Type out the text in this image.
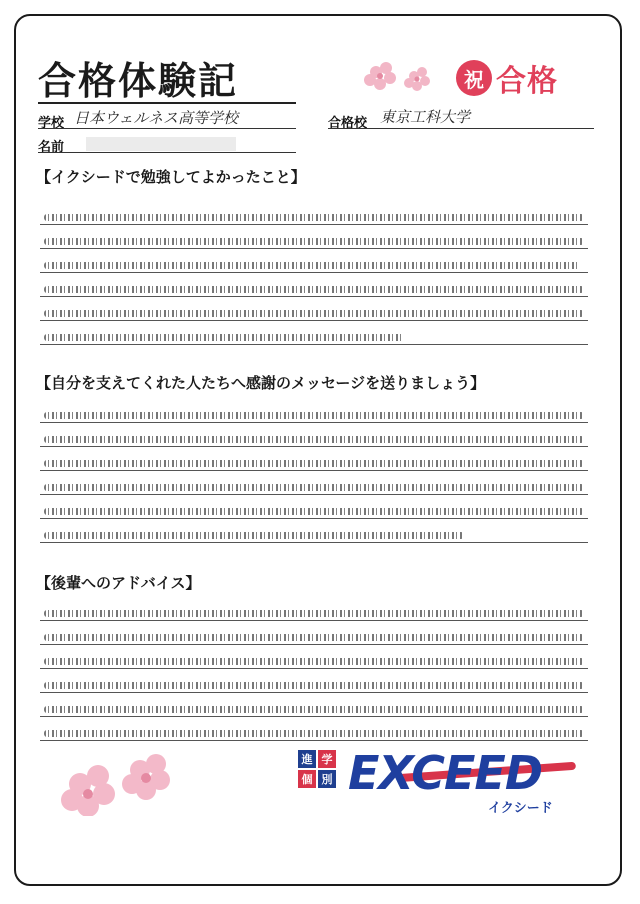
合格体験記	祝 合格
学校 日本ウェルネス高等学校	合格校 東京工科大学
名前
【イクシードで勉強してよかったこと】
【自分を支えてくれた人たちへ感謝のメッセージを送りましょう】
【後輩へのアドバイス】
進 学
個 別 EXCEED
イクシード
